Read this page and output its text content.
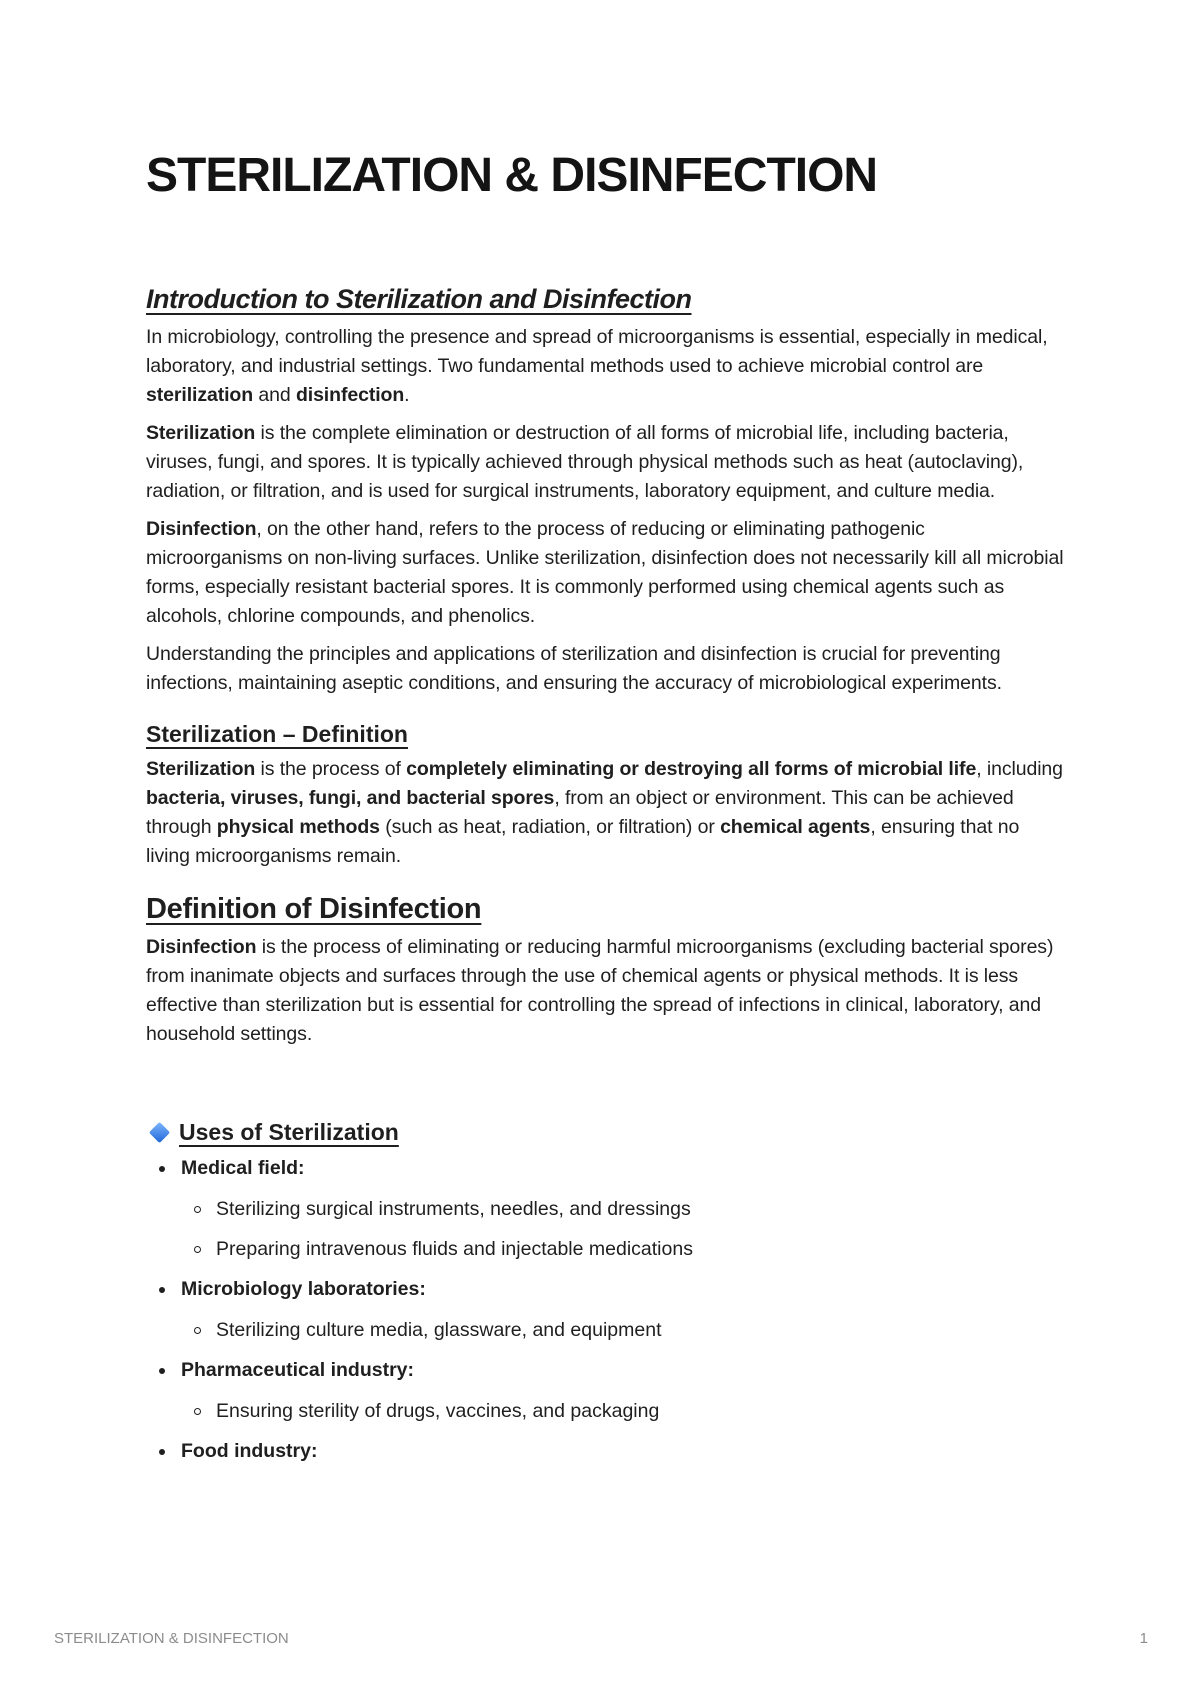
STERILIZATION & DISINFECTION
Introduction to Sterilization and Disinfection

In microbiology, controlling the presence and spread of microorganisms is essential, especially in medical, laboratory, and industrial settings. Two fundamental methods used to achieve microbial control are sterilization and disinfection.

Sterilization is the complete elimination or destruction of all forms of microbial life, including bacteria, viruses, fungi, and spores. It is typically achieved through physical methods such as heat (autoclaving), radiation, or filtration, and is used for surgical instruments, laboratory equipment, and culture media.

Disinfection, on the other hand, refers to the process of reducing or eliminating pathogenic microorganisms on non-living surfaces. Unlike sterilization, disinfection does not necessarily kill all microbial forms, especially resistant bacterial spores. It is commonly performed using chemical agents such as alcohols, chlorine compounds, and phenolics.

Understanding the principles and applications of sterilization and disinfection is crucial for preventing infections, maintaining aseptic conditions, and ensuring the accuracy of microbiological experiments.

Sterilization – Definition

Sterilization is the process of completely eliminating or destroying all forms of microbial life, including bacteria, viruses, fungi, and bacterial spores, from an object or environment. This can be achieved through physical methods (such as heat, radiation, or filtration) or chemical agents, ensuring that no living microorganisms remain.

Definition of Disinfection

Disinfection is the process of eliminating or reducing harmful microorganisms (excluding bacterial spores) from inanimate objects and surfaces through the use of chemical agents or physical methods. It is less effective than sterilization but is essential for controlling the spread of infections in clinical, laboratory, and household settings.

Uses of Sterilization
Medical field:
Sterilizing surgical instruments, needles, and dressings
Preparing intravenous fluids and injectable medications
Microbiology laboratories:
Sterilizing culture media, glassware, and equipment
Pharmaceutical industry:
Ensuring sterility of drugs, vaccines, and packaging
Food industry:
STERILIZATION & DISINFECTION	1
